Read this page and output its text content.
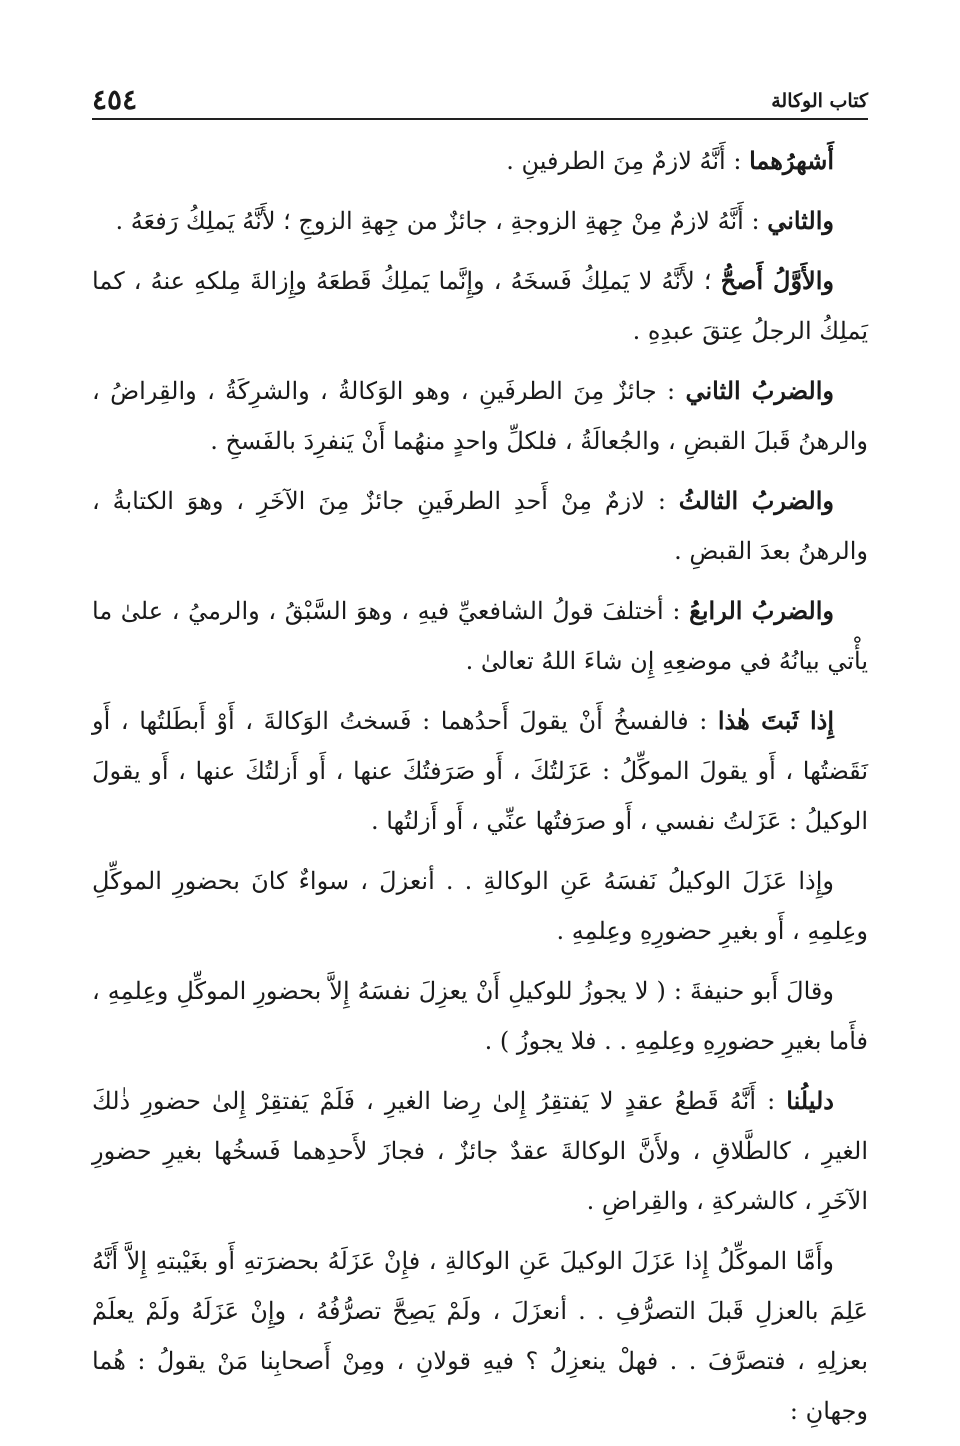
كتاب الوكالة
٤٥٤

أَشهرُهما : أَنَّهُ لازمٌ مِنَ الطرفينِ .

والثاني : أَنَّهُ لازمٌ مِنْ جِهةِ الزوجةِ ، جائزٌ من جِهةِ الزوجِ ؛ لأَنَّهُ يَملِكُ رَفعَهُ .

والأَوَّلُ أَصحُّ ؛ لأَنَّهُ لا يَملِكُ فَسخَهُ ، وإِنَّما يَملِكُ قَطعَهُ وإِزالةَ مِلكهِ عنهُ ، كما يَملِكُ الرجلُ عِتقَ عبدِهِ .

والضربُ الثاني : جائزٌ مِنَ الطرفَينِ ، وهو الوَكالةُ ، والشرِكَةُ ، والقِراضُ ، والرهنُ قَبلَ القبضِ ، والجُعالَةُ ، فلكلِّ واحدٍ منهُما أَنْ يَنفرِدَ بالفَسخِ .

والضربُ الثالثُ : لازمٌ مِنْ أَحدِ الطرفَينِ جائزٌ مِنَ الآخَرِ ، وهوَ الكتابةُ ، والرهنُ بعدَ القبضِ .

والضربُ الرابعُ : أختلفَ قولُ الشافعيِّ فيهِ ، وهوَ السَّبْقُ ، والرميُ ، علىٰ ما يأْتي بيانُهُ في موضعِهِ إِن شاءَ اللهُ تعالىٰ .

إِذا ثَبتَ هٰذا : فالفسخُ أَنْ يقولَ أَحدُهما : فَسختُ الوَكالةَ ، أَوْ أَبطَلتُها ، أَو نَقَضتُها ، أَو يقولَ الموكِّلُ : عَزَلتُكَ ، أَو صَرَفتُكَ عنها ، أَو أَزلتُكَ عنها ، أَو يقولَ الوكيلُ : عَزَلتُ نفسي ، أَو صرَفتُها عنِّي ، أَو أَزلتُها .

وإِذا عَزَلَ الوكيلُ نَفسَهُ عَنِ الوكالةِ . . أنعزلَ ، سواءٌ كانَ بحضورِ الموكِّلِ وعِلمِهِ ، أَو بغيرِ حضورِهِ وعِلمِهِ .

وقالَ أَبو حنيفةَ : ( لا يجوزُ للوكيلِ أَنْ يعزِلَ نفسَهُ إِلاَّ بحضورِ الموكِّلِ وعِلمِهِ ، فأَما بغيرِ حضورِهِ وعِلمِهِ . . فلا يجوزُ ) .

دليلُنا : أَنَّهُ قَطعُ عقدٍ لا يَفتقِرُ إِلىٰ رِضا الغيرِ ، فَلَمْ يَفتقِرْ إِلىٰ حضورِ ذٰلكَ الغيرِ ، كالطَّلاقِ ، ولأَنَّ الوكالةَ عقدٌ جائزٌ ، فجازَ لأَحدِهما فَسخُها بغيرِ حضورِ الآخَرِ ، كالشركةِ ، والقِراضِ .

وأَمَّا الموكِّلُ إِذا عَزَلَ الوكيلَ عَنِ الوكالةِ ، فإِنْ عَزَلَهُ بحضرَتهِ أَو بغَيْبتهِ إِلاَّ أَنَّهُ عَلِمَ بالعزلِ قَبلَ التصرُّفِ . . أنعزَلَ ، ولَمْ يَصِحَّ تصرُّفُهُ ، وإِنْ عَزَلَهُ ولَمْ يعلَمْ بعزلِهِ ، فتصرَّفَ . . فهلْ ينعزِلُ ؟ فيهِ قولانِ ، ومِنْ أَصحابِنا مَنْ يقولُ : هُما وجهانِ :
